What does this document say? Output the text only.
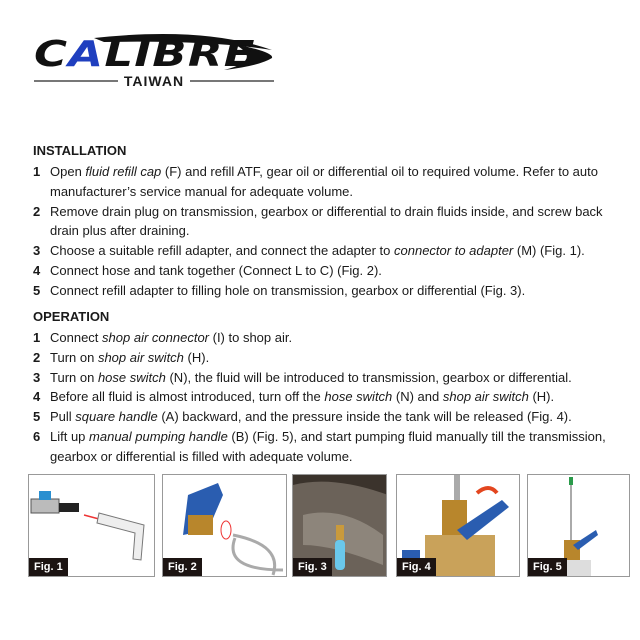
CALIBRE
TAIWAN
INSTALLATION
1 Open fluid refill cap (F) and refill ATF, gear oil or differential oil to required volume. Refer to auto manufacturer’s service manual for adequate volume.
2 Remove drain plug on transmission, gearbox or differential to drain fluids inside, and screw back drain plus after draining.
3 Choose a suitable refill adapter, and connect the adapter to connector to adapter (M) (Fig. 1).
4 Connect hose and tank together (Connect L to C) (Fig. 2).
5 Connect refill adapter to filling hole on transmission, gearbox or differential (Fig. 3).
OPERATION
1 Connect shop air connector (I) to shop air.
2 Turn on shop air switch (H).
3 Turn on hose switch (N), the fluid will be introduced to transmission, gearbox or differential.
4 Before all fluid is almost introduced, turn off the hose switch (N) and shop air switch (H).
5 Pull square handle (A) backward, and the pressure inside the tank will be released (Fig. 4).
6 Lift up manual pumping handle (B) (Fig. 5), and start pumping fluid manually till the transmission, gearbox or differential is filled with adequate volume.
Fig. 1	Fig. 2	Fig. 3	Fig. 4	Fig. 5
